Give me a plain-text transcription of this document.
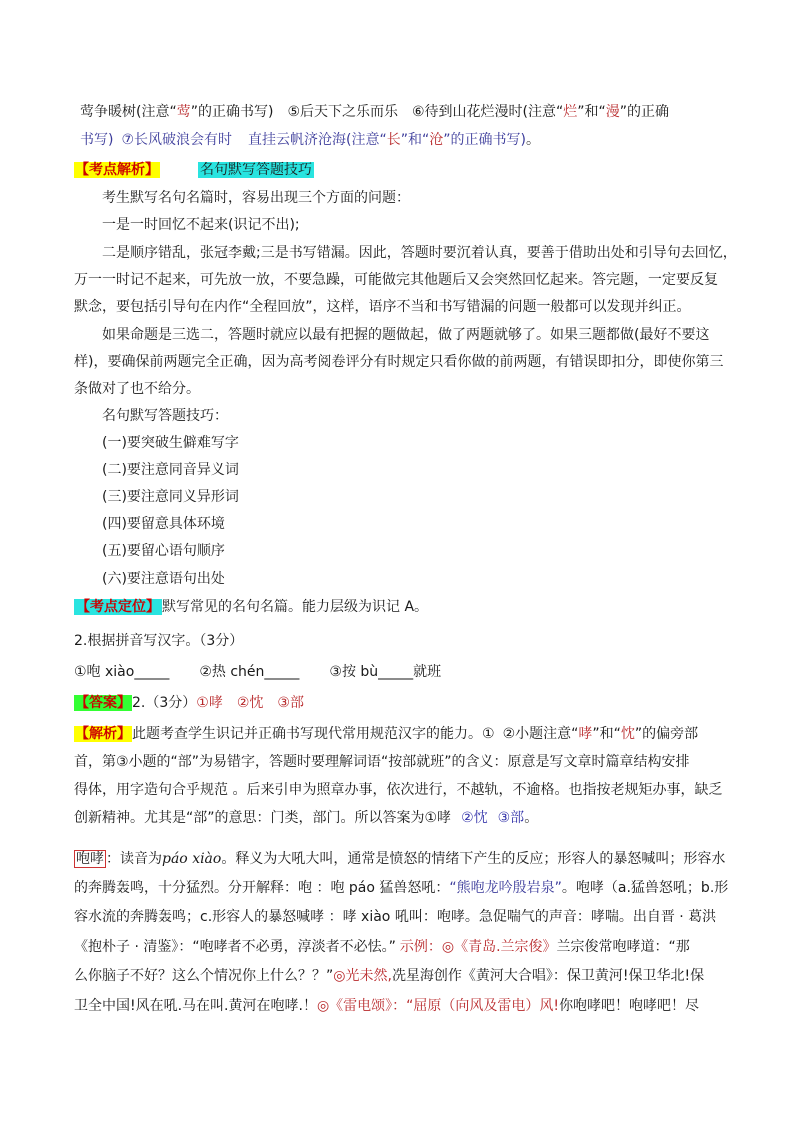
莺争暖树(注意“莺”的正确书写) ⑤后天下之乐而乐 ⑥待到山花烂漫时(注意“烂”和“漫”的正确
书写) ⑦长风破浪会有时 直挂云帆济沧海(注意“长”和“沧”的正确书写)。
【考点解析】	名句默写答题技巧
考生默写名句名篇时，容易出现三个方面的问题：
一是一时回忆不起来(识记不出);
二是顺序错乱，张冠李戴;三是书写错漏。因此，答题时要沉着认真，要善于借助出处和引导句去回忆，
万一一时记不起来，可先放一放，不要急躁，可能做完其他题后又会突然回忆起来。答完题，一定要反复
默念，要包括引导句在内作“全程回放”，这样，语序不当和书写错漏的问题一般都可以发现并纠正。
如果命题是三选二，答题时就应以最有把握的题做起，做了两题就够了。如果三题都做(最好不要这
样)，要确保前两题完全正确，因为高考阅卷评分有时规定只看你做的前两题，有错误即扣分，即使你第三
条做对了也不给分。
名句默写答题技巧：
(一)要突破生僻难写字
(二)要注意同音异义词
(三)要注意同义异形词
(四)要留意具体环境
(五)要留心语句顺序
(六)要注意语句出处
【考点定位】 默写常见的名句名篇。能力层级为识记 A。
2.根据拼音写汉字。（3分）
①咆 xiào_____ ②热 chén_____ ③按 bù_____就班
【答案】2.（3分）①哮 ②忱 ③部
【解析】此题考查学生识记并正确书写现代常用规范汉字的能力。① ②小题注意“哮”和“忱”的偏旁部
首，第③小题的“部”为易错字，答题时要理解词语“按部就班”的含义：原意是写文章时篇章结构安排
得体，用字造句合乎规范 。后来引申为照章办事，依次进行，不越轨，不逾格。也指按老规矩办事，缺乏
创新精神。尤其是“部”的意思：门类，部门。所以答案为①哮 ②忱 ③部。
咆哮 ：读音为páo xiào。释义为大吼大叫，通常是愤怒的情绪下产生的反应；形容人的暴怒喊叫；形容水
的奔腾轰鸣，十分猛烈。分开解释：咆 ：咆 páo 猛兽怒吼：“熊咆龙吟殷岩泉”。咆哮（a.猛兽怒吼；b.形
容水流的奔腾轰鸣；c.形容人的暴怒喊哮 ：哮 xiào 吼叫：咆哮。急促喘气的声音：哮喘。出自晋 · 葛洪
《抱朴子 · 清鉴》：“咆哮者不必勇，淳淡者不必怯。” 示例：◎《青岛.兰宗俊》兰宗俊常咆哮道：“那
么你脑子不好？这么个情况你上什么？？”◎光未然,冼星海创作《黄河大合唱》：保卫黄河!保卫华北!保
卫全中国!风在吼.马在叫.黄河在咆哮.！◎《雷电颂》：“屈原（向风及雷电）风!你咆哮吧！咆哮吧！尽
